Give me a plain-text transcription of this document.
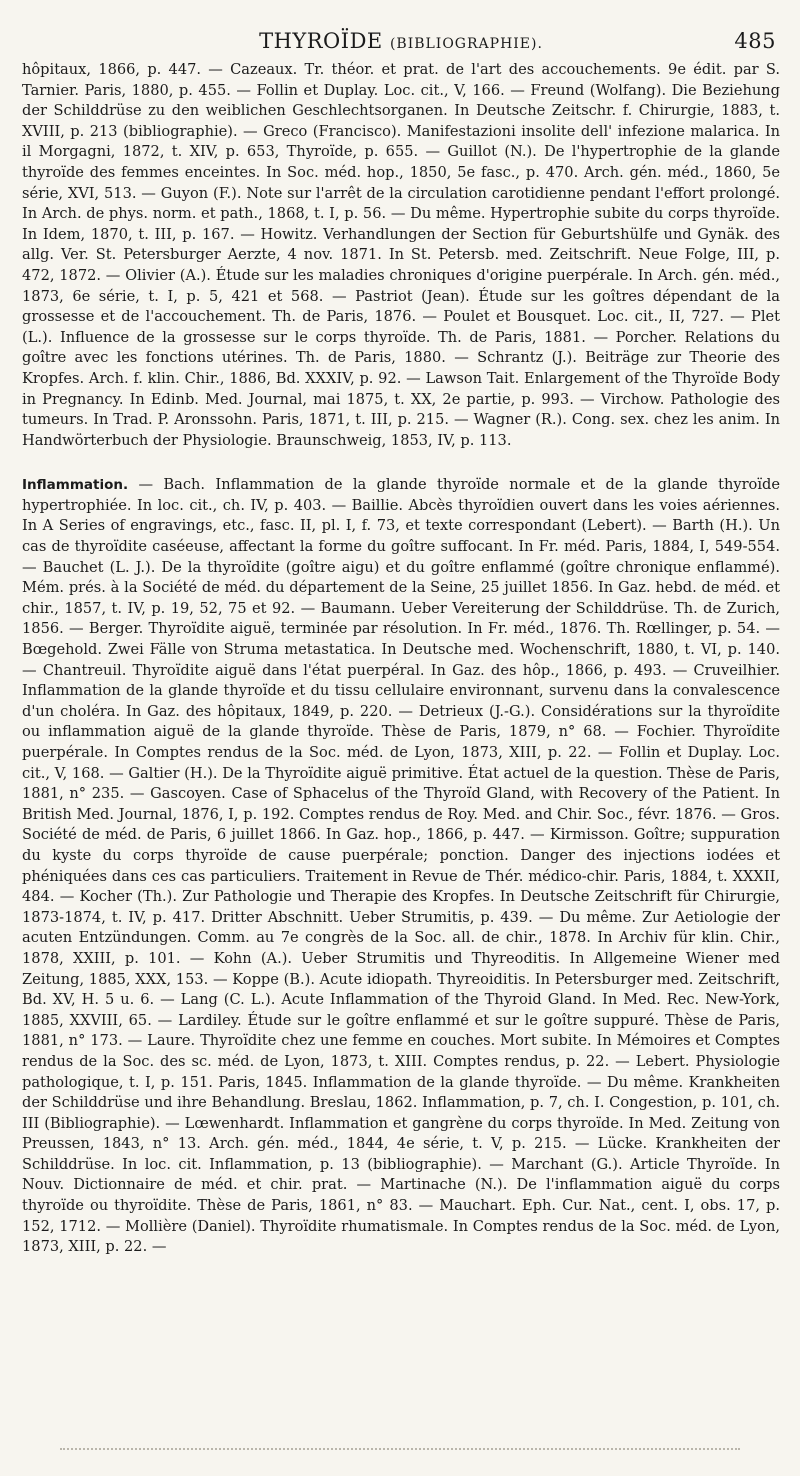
THYROÏDE (BIBLIOGRAPHIE).	485

hôpitaux, 1866, p. 447. — Cazeaux. Tr. théor. et prat. de l'art des accouchements. 9e édit. par S. Tarnier. Paris, 1880, p. 455. — Follin et Duplay. Loc. cit., V, 166. — Freund (Wolfang). Die Beziehung der Schilddrüse zu den weiblichen Geschlechtsorganen. In Deutsche Zeitschr. f. Chirurgie, 1883, t. XVIII, p. 213 (bibliographie). — Greco (Francisco). Manifestazioni insolite dell' infezione malarica. In il Morgagni, 1872, t. XIV, p. 653, Thyroïde, p. 655. — Guillot (N.). De l'hypertrophie de la glande thyroïde des femmes enceintes. In Soc. méd. hop., 1850, 5e fasc., p. 470. Arch. gén. méd., 1860, 5e série, XVI, 513. — Guyon (F.). Note sur l'arrêt de la circulation carotidienne pendant l'effort prolongé. In Arch. de phys. norm. et path., 1868, t. I, p. 56. — Du même. Hypertrophie subite du corps thyroïde. In Idem, 1870, t. III, p. 167. — Howitz. Verhandlungen der Section für Geburtshülfe und Gynäk. des allg. Ver. St. Petersburger Aerzte, 4 nov. 1871. In St. Petersb. med. Zeitschrift. Neue Folge, III, p. 472, 1872. — Olivier (A.). Étude sur les maladies chroniques d'origine puerpérale. In Arch. gén. méd., 1873, 6e série, t. I, p. 5, 421 et 568. — Pastriot (Jean). Étude sur les goîtres dépendant de la grossesse et de l'accouchement. Th. de Paris, 1876. — Poulet et Bousquet. Loc. cit., II, 727. — Plet (L.). Influence de la grossesse sur le corps thyroïde. Th. de Paris, 1881. — Porcher. Relations du goître avec les fonctions utérines. Th. de Paris, 1880. — Schrantz (J.). Beiträge zur Theorie des Kropfes. Arch. f. klin. Chir., 1886, Bd. XXXIV, p. 92. — Lawson Tait. Enlargement of the Thyroïde Body in Pregnancy. In Edinb. Med. Journal, mai 1875, t. XX, 2e partie, p. 993. — Virchow. Pathologie des tumeurs. In Trad. P. Aronssohn. Paris, 1871, t. III, p. 215. — Wagner (R.). Cong. sex. chez les anim. In Handwörterbuch der Physiologie. Braunschweig, 1853, IV, p. 113.

Inflammation. — Bach. Inflammation de la glande thyroïde normale et de la glande thyroïde hypertrophiée. In loc. cit., ch. IV, p. 403. — Baillie. Abcès thyroïdien ouvert dans les voies aériennes. In A Series of engravings, etc., fasc. II, pl. I, f. 73, et texte correspondant (Lebert). — Barth (H.). Un cas de thyroïdite caséeuse, affectant la forme du goître suffocant. In Fr. méd. Paris, 1884, I, 549-554. — Bauchet (L. J.). De la thyroïdite (goître aigu) et du goître enflammé (goître chronique enflammé). Mém. prés. à la Société de méd. du département de la Seine, 25 juillet 1856. In Gaz. hebd. de méd. et chir., 1857, t. IV, p. 19, 52, 75 et 92. — Baumann. Ueber Vereiterung der Schilddrüse. Th. de Zurich, 1856. — Berger. Thyroïdite aiguë, terminée par résolution. In Fr. méd., 1876. Th. Rœllinger, p. 54. — Bœgehold. Zwei Fälle von Struma metastatica. In Deutsche med. Wochenschrift, 1880, t. VI, p. 140. — Chantreuil. Thyroïdite aiguë dans l'état puerpéral. In Gaz. des hôp., 1866, p. 493. — Cruveilhier. Inflammation de la glande thyroïde et du tissu cellulaire environnant, survenu dans la convalescence d'un choléra. In Gaz. des hôpitaux, 1849, p. 220. — Detrieux (J.-G.). Considérations sur la thyroïdite ou inflammation aiguë de la glande thyroïde. Thèse de Paris, 1879, n° 68. — Fochier. Thyroïdite puerpérale. In Comptes rendus de la Soc. méd. de Lyon, 1873, XIII, p. 22. — Follin et Duplay. Loc. cit., V, 168. — Galtier (H.). De la Thyroïdite aiguë primitive. État actuel de la question. Thèse de Paris, 1881, n° 235. — Gascoyen. Case of Sphacelus of the Thyroïd Gland, with Recovery of the Patient. In British Med. Journal, 1876, I, p. 192. Comptes rendus de Roy. Med. and Chir. Soc., févr. 1876. — Gros. Société de méd. de Paris, 6 juillet 1866. In Gaz. hop., 1866, p. 447. — Kirmisson. Goître; suppuration du kyste du corps thyroïde de cause puerpérale; ponction. Danger des injections iodées et phéniquées dans ces cas particuliers. Traitement in Revue de Thér. médico-chir. Paris, 1884, t. XXXII, 484. — Kocher (Th.). Zur Pathologie und Therapie des Kropfes. In Deutsche Zeitschrift für Chirurgie, 1873-1874, t. IV, p. 417. Dritter Abschnitt. Ueber Strumitis, p. 439. — Du même. Zur Aetiologie der acuten Entzündungen. Comm. au 7e congrès de la Soc. all. de chir., 1878. In Archiv für klin. Chir., 1878, XXIII, p. 101. — Kohn (A.). Ueber Strumitis und Thyreoditis. In Allgemeine Wiener med Zeitung, 1885, XXX, 153. — Koppe (B.). Acute idiopath. Thyreoiditis. In Petersburger med. Zeitschrift, Bd. XV, H. 5 u. 6. — Lang (C. L.). Acute Inflammation of the Thyroid Gland. In Med. Rec. New-York, 1885, XXVIII, 65. — Lardiley. Étude sur le goître enflammé et sur le goître suppuré. Thèse de Paris, 1881, n° 173. — Laure. Thyroïdite chez une femme en couches. Mort subite. In Mémoires et Comptes rendus de la Soc. des sc. méd. de Lyon, 1873, t. XIII. Comptes rendus, p. 22. — Lebert. Physiologie pathologique, t. I, p. 151. Paris, 1845. Inflammation de la glande thyroïde. — Du même. Krankheiten der Schilddrüse und ihre Behandlung. Breslau, 1862. Inflammation, p. 7, ch. I. Congestion, p. 101, ch. III (Bibliographie). — Lœwenhardt. Inflammation et gangrène du corps thyroïde. In Med. Zeitung von Preussen, 1843, n° 13. Arch. gén. méd., 1844, 4e série, t. V, p. 215. — Lücke. Krankheiten der Schilddrüse. In loc. cit. Inflammation, p. 13 (bibliographie). — Marchant (G.). Article Thyroïde. In Nouv. Dictionnaire de méd. et chir. prat. — Martinache (N.). De l'inflammation aiguë du corps thyroïde ou thyroïdite. Thèse de Paris, 1861, n° 83. — Mauchart. Eph. Cur. Nat., cent. I, obs. 17, p. 152, 1712. — Mollière (Daniel). Thyroïdite rhumatismale. In Comptes rendus de la Soc. méd. de Lyon, 1873, XIII, p. 22. —
